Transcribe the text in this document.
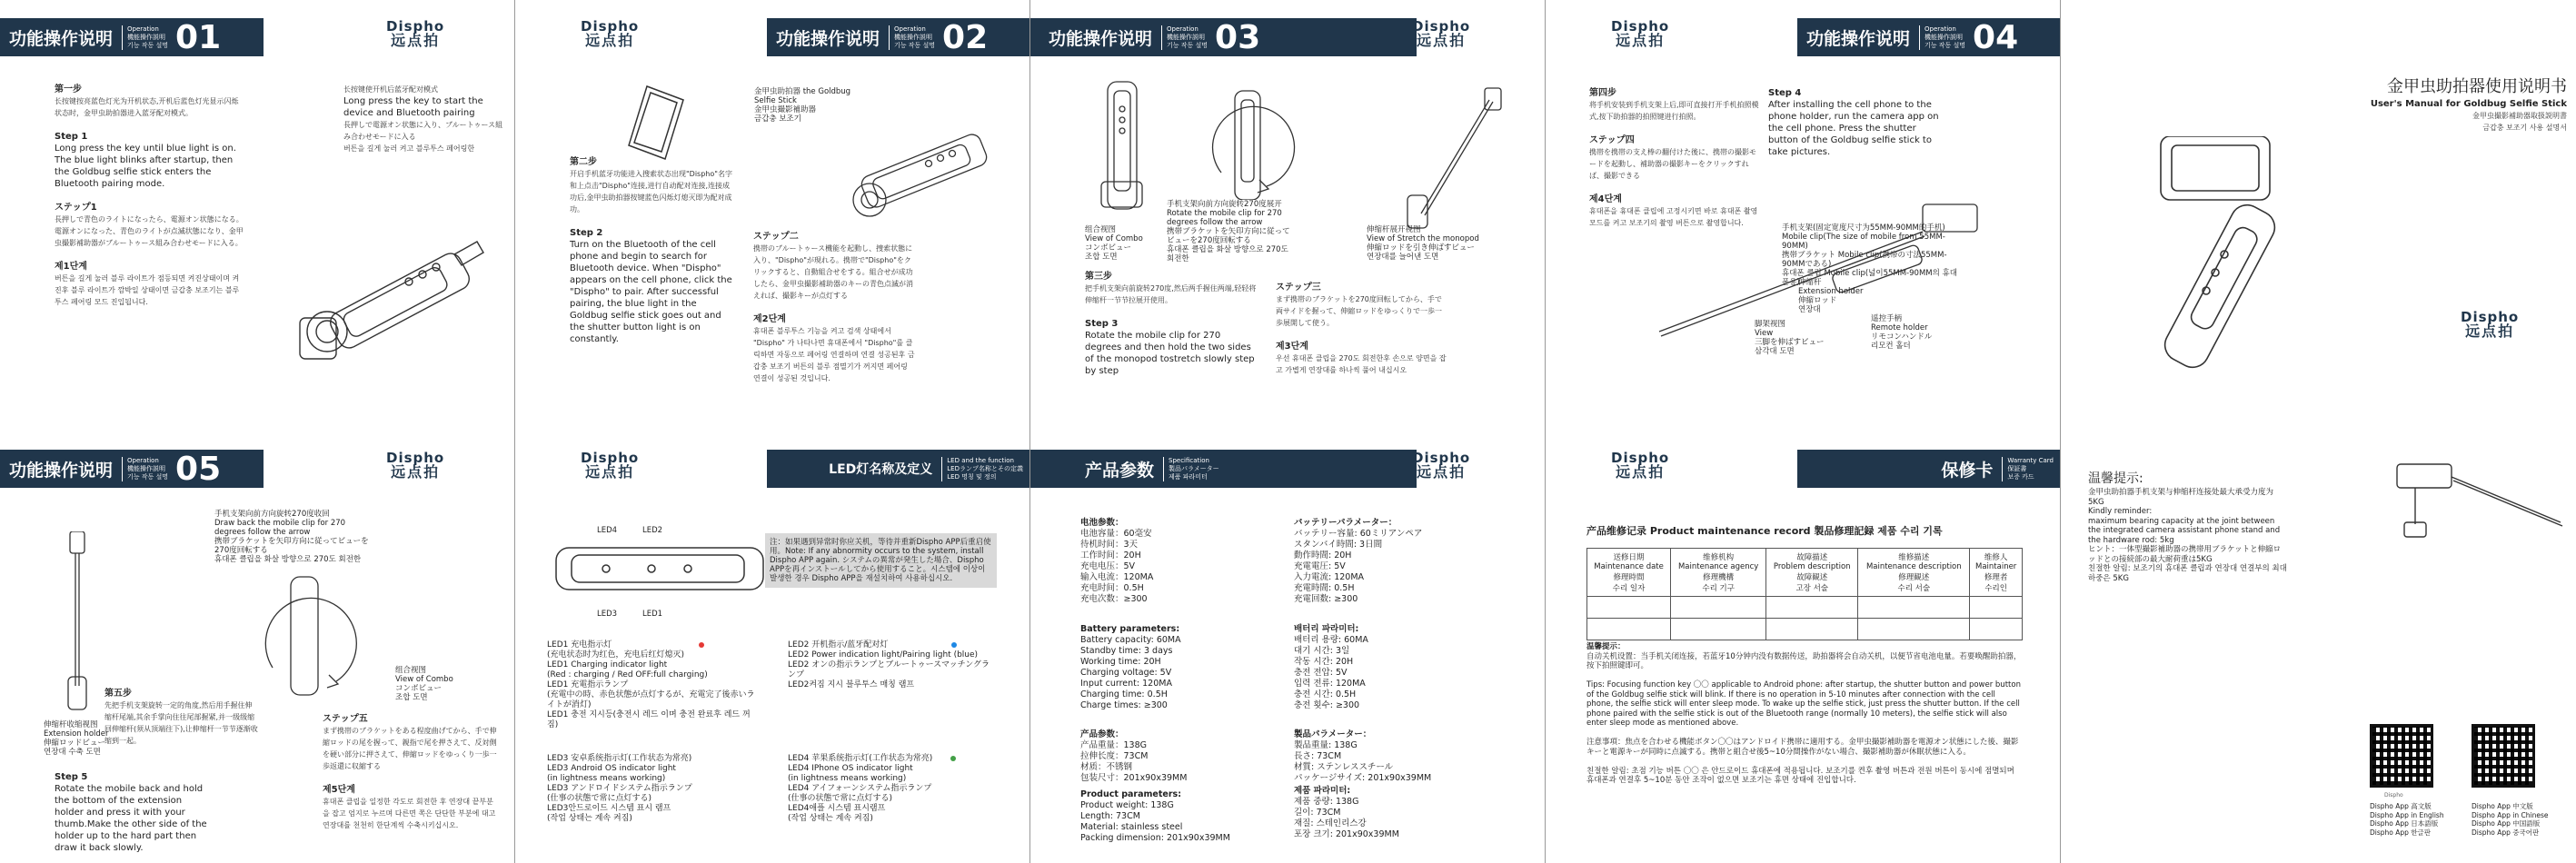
功能操作说明	Operation
機能操作説明
기능 작동 설명 01	Dispho
远点拍
第一步
长按键按亮蓝色灯光为开机状态,开机后蓝色灯光显示闪烁状态时，金甲虫助拍器进入蓝牙配对模式。

Step 1
Long press the key until blue light is on. The blue light blinks after startup, then the Goldbug selfie stick enters the Bluetooth pairing mode.

ステップ1
長押しで青色のライトになったら、電源オン状態になる。電源オンになった、青色のライトが点滅状態になり、金甲虫撮影補助器がブルートゥース組み合わせモードに入る。

제1단계
버튼을 길게 눌러 블루 라이트가 점등되면 켜진상태이며 켜진후 블루 라이트가 깜박일 상태이면 금갑충 보조기는 블루투스 페어링 모드 진입됩니다.
长按键使开机后蓝牙配对模式
Long press the key to start the device and Bluetooth pairing
長押しで電源オン状態に入り、ブルートゥース組み合わせモードに入る
버튼을 길게 눌러 켜고 블루투스 페어링한
Dispho
远点拍	功能操作说明	Operation
機能操作説明
기능 작동 설명 02
金甲虫助拍器 the Goldbug Selfie Stick
金甲虫撮影補助器
금갑충 보조기
第二步
开启手机蓝牙功能进入搜索状态出现"Dispho"名字和上点击"Dispho"连接,进行自动配对连接,连接成功后,金甲虫助拍器按键蓝色闪烁灯熄灭即为配对成功。

Step 2
Turn on the Bluetooth of the cell phone and begin to search for Bluetooth device. When "Dispho" appears on the cell phone, click the "Dispho" to pair. After successful pairing, the blue light in the Goldbug selfie stick goes out and the shutter button light is on constantly.
ステップ二
携帯のブルートゥース機能を起動し、捜索状態に入り、"Dispho"が現れる。携帯で"Dispho"をクリックすると、自動組合せをする。組合せが成功したら、金甲虫撮影補助器のキーの青色点滅が消えれば、撮影キーが点灯する

제2단계
휴대폰 블루투스 기능을 켜고 검색 상태에서 "Dispho" 가 나타나면 휴대폰에서 "Dispho"를 클릭하면 자동으로 페어링 연결하며 연결 성공된후 금갑충 보조기 버튼의 블루 점멸기가 꺼지면 페어링 연결이 성공된 것입니다.
功能操作说明	Operation
機能操作説明
기능 작동 설명 03	Dispho
远点拍
组合视图
View of Combo
コンボビュー
조합 도면
手机支架向前方向旋转270度展开
Rotate the mobile clip for 270 degrees follow the arrow
携帯ブラケットを矢印方向に従ってビューを270度回転する
휴대폰 클립을 화살 방향으로 270도 회전한
伸缩杆展开视图
View of Stretch the monopod
伸縮ロッドを引き伸ばすビュー
연장대를 늘어낸 도면
第三步
把手机支架向前旋转270度,然后两手握住两端,轻轻将伸缩杆一节节拉展开使用。

Step 3
Rotate the mobile clip for 270 degrees and then hold the two sides of the monopod tostretch slowly step by step
ステップ三
まず携帯のブラケットを270度回転してから、手で両サイドを握って、伸縮ロッドをゆっくりで一歩一歩展開して使う。

제3단계
우선 휴대폰 클립을 270도 회전한후 손으로 양면을 잡고 가볍게 연장대를 하나씩 풀어 내십시오
Dispho
远点拍	功能操作说明	Operation
機能操作説明
기능 작동 설명 04
第四步
将手机安装到手机支架上后,即可直接打开手机拍照模式,按下助拍器的拍照键进行拍照。

ステップ四
携帯を携帯の支え棒の翻付けた後に、携帯の撮影モードを起動し、補助器の撮影キーをクリックすれば、撮影できる

제4단계
휴대폰을 휴대폰 클립에 고정시키면 바로 휴대폰 촬영 모드를 켜고 보조기의 촬영 버튼으로 촬영합니다.
Step 4
After installing the cell phone to the phone holder, run the camera app on the cell phone. Press the shutter button of the Goldbug selfie stick to take pictures.
手机支架(固定宽度尺寸为55MM-90MM的手机)
Mobile clip(The size of mobile from 55MM-90MM)
携帯ブラケット Mobile clip(携帯の寸法55MM-90MMである)
휴대폰 클립 Mobile clip(넓이55MM-90MM의 휴대폰용)
伸缩杆
Extension holder
伸縮ロッド
연장대
脚架视图
View
三脚を伸ばすビュー
삼각대 도면
遥控手柄
Remote holder
リモコンハンドル
리모컨 홀더
金甲虫助拍器使用说明书
User's Manual for Goldbug Selfie Stick
金甲虫撮影補助器取扱説明書
금갑충 보조기 사용 설명서
Dispho
远点拍
功能操作说明	Operation
機能操作説明
기능 작동 설명 05	Dispho
远点拍
手机支架向前方向旋转270度收回
Draw back the mobile clip for 270 degrees follow the arrow
携帯ブラケットを矢印方向に従ってビューを270度回転する
휴대폰 클립을 화살 방향으로 270도 회전한
组合视图
View of Combo
コンボビュー
조합 도면
第五步
先把手机支架旋转一定的角度,然后用手握住伸缩杆尾端,其余手掌向住往尾部握紧,并一级级缩回伸缩杆(须从顶端往下),让伸缩杆一节节逐渐收缩到一起。
伸缩杆收缩视图
Extension holder
伸縮ロッドビュー
연장대 수축 도면
Step 5
Rotate the mobile back and hold the bottom of the extension holder and press it with your thumb.Make the other side of the holder up to the hard part then draw it back slowly.
ステップ五
まず携帯のブラケットをある程度曲げてから、手で伸縮ロッドの尾を握って、親指で尾を押さえて、反対側を硬い部分に押さえて、伸縮ロッドをゆっくり一歩一歩返還に収縮する

제5단계
휴대폰 클립을 일정한 각도로 회전한 후 연장대 끝부분을 잡고 엄지로 누르며 다른면 쪽은 단단한 부분에 대고 연장대를 천천히 한단계씩 수축시키십시오.
Dispho
远点拍	LED灯名称及定义
LED and the function
LEDランプ名称とその定義
LED 명칭 및 정의
LED4	LED2
LED3	LED1
注：如果遇到异常时你应关机，等待并重新Dispho APP后重启使用。Note: If any abnormity occurs to the system, install Dispho APP again. システムの異常が発生した場合、Dispho APPを再インストールしてから使用すること。시스템에 이상이 발생한 경우 Dispho APP을 재설치하여 사용하십시오.
LED1 充电指示灯
(充电状态时为红色，充电后红灯熄灭)
LED1 Charging indicator light
(Red : charging / Red OFF:full charging)
LED1 充電指示ランプ
(充電中の時、赤色状態が点灯するが、充電完了後赤いライトが消灯)
LED1 충전 지시등(충전시 레드 이며 충전 완료후 레드 꺼짐)
LED2 开机指示/蓝牙配对灯
LED2 Power indication light/Pairing light (blue)
LED2 オンの指示ランプとブルートゥースマッチングランプ
LED2켜짐 지시 블루투스 매칭 램프
LED3 安卓系统指示灯(工作状态为常亮)
LED3 Android OS indicator light
(in lightness means working)
LED3 アンドロイドシステム指示ランプ
(仕事の状態で常に点灯する)
LED3안드로이드 시스템 표시 램프
(작업 상태는 계속 켜짐)
LED4 苹果系统指示灯(工作状态为常亮)
LED4 IPhone OS indicator light
(in lightness means working)
LED4 アイフォーンシステム指示ランプ
(仕事の状態で常に点灯する)
LED4애플 시스템 표시램프
(작업 상태는 계속 켜짐)
产品参数	Specification
製品パラメーター
제품 파라미터
Dispho
远点拍
电池参数：
电池容量：60毫安
待机时间：3天
工作时间：20H
充电电压：5V
输入电流：120MA
充电时间：0.5H
充电次数：≥300
バッテリーパラメーター：
バッテリー容量: 60ミリアンペア
スタンバイ時間: 3日間
動作時間: 20H
充電電圧: 5V
入力電流: 120MA
充電時間: 0.5H
充電回数: ≥300
Battery parameters:
Battery capacity: 60MA
Standby time: 3 days
Working time: 20H
Charging voltage: 5V
Input current: 120MA
Charging time: 0.5H
Charge times: ≥300
배터리 파라미터:
배터리 용량: 60MA
대기 시간: 3일
작동 시간: 20H
충전 전압: 5V
입력 전류: 120MA
충전 시간: 0.5H
충전 횟수: ≥300
产品参数：
产品重量：138G
拉伸长度：73CM
材质：不锈钢
包装尺寸：201x90x39MM
製品パラメーター：
製品重量: 138G
長さ: 73CM
材質: ステンレススチール
パッケージサイズ: 201x90x39MM
Product parameters:
Product weight: 138G
Length: 73CM
Material: stainless steel
Packing dimension: 201x90x39MM
제품 파라미터:
제품 중량: 138G
길이: 73CM
재질: 스테인리스강
포장 크기: 201x90x39MM
Dispho
远点拍	保修卡	Warranty Card
保証書
보증 카드
产品维修记录 Product maintenance record 製品修理記録 제품 수리 기록
送修日期
Maintenance date
修理時間
수리 일자	维修机构
Maintenance agency
修理機構
수리 기구	故障描述
Problem description
故障観述
고장 서술	维修描述
Maintenance description
修理観述
수리 서술	维修人
Maintainer
修理者
수리인

温馨提示：
自动关机设置：当手机关闭连接，若蓝牙10分钟内没有数据传送，助拍器将会自动关机，以便节省电池电量。若要唤醒助拍器，按下拍照键即可。

Tips: Focusing function key 〇〇 applicable to Android phone: after startup, the shutter button and power button of the Goldbug selfie stick will blink. If there is no operation in 5-10 minutes after connection with the cell phone, the selfie stick will enter sleep mode. To wake up the selfie stick, just press the shutter button. If the cell phone paired with the selfie stick is out of the Bluetooth range (normally 10 meters), the selfie stick will also enter sleep mode as mentioned above.

注意事項：焦点を合わせる機能ボタン〇〇はアンドロイド携帯に適用する。金甲虫撮影補助器を電源オン状態にした後、撮影キーと電源キーが同時に点滅する。携帯と組合せ後5~10分間操作がない場合、撮影補助器が休眠状態に入る。

친절한 알림: 초점 기능 버튼 〇〇 은 안드로이드 휴대폰에 적용됩니다. 보조기를 켠후 촬영 버튼과 전원 버튼이 동시에 점멸되며 휴대폰과 연결후 5~10분 동안 조작이 없으면 보조기는 휴면 상태에 진입합니다.
温馨提示:
金甲虫助拍器手机支架与伸缩杆连接处最大承受力度为5KG
Kindly reminder:
maximum bearing capacity at the joint between the integrated camera assistant phone stand and the hardware rod: 5kg
ヒント：一体型撮影補助器の携帯用ブラケットと伸縮ロッドとの接続部の最大耐荷重は5KG
친절한 알림: 보조기의 휴대폰 클립과 연장대 연결부의 최대 하중은 5KG
Dispho App 高文版
Dispho App in English
Dispho App 日本語版
Dispho App 한글판
Dispho App 中文版
Dispho App in Chinese
Dispho App 中国語版
Dispho App 중국어판
Dispho
